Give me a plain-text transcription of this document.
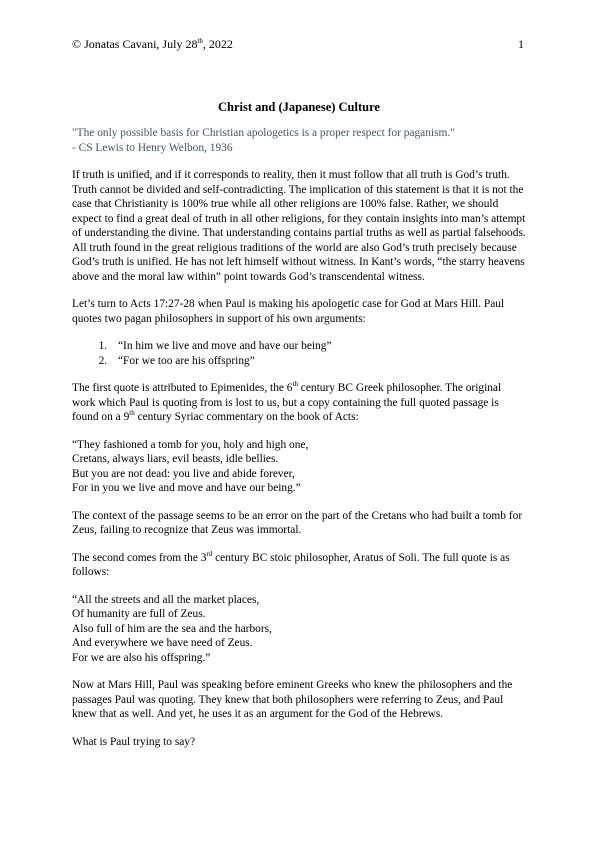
© Jonatas Cavani, July 28th, 2022	1
Christ and (Japanese) Culture
"The only possible basis for Christian apologetics is a proper respect for paganism."
- CS Lewis to Henry Welbon, 1936

If truth is unified, and if it corresponds to reality, then it must follow that all truth is God’s truth. Truth cannot be divided and self-contradicting. The implication of this statement is that it is not the case that Christianity is 100% true while all other religions are 100% false. Rather, we should expect to find a great deal of truth in all other religions, for they contain insights into man’s attempt of understanding the divine. That understanding contains partial truths as well as partial falsehoods. All truth found in the great religious traditions of the world are also God’s truth precisely because God’s truth is unified. He has not left himself without witness. In Kant’s words, “the starry heavens above and the moral law within” point towards God’s transcendental witness.

Let’s turn to Acts 17:27-28 when Paul is making his apologetic case for God at Mars Hill. Paul quotes two pagan philosophers in support of his own arguments:

1. “In him we live and move and have our being”
2. “For we too are his offspring”

The first quote is attributed to Epimenides, the 6th century BC Greek philosopher. The original work which Paul is quoting from is lost to us, but a copy containing the full quoted passage is found on a 9th century Syriac commentary on the book of Acts:

“They fashioned a tomb for you, holy and high one,
Cretans, always liars, evil beasts, idle bellies.
But you are not dead: you live and abide forever,
For in you we live and move and have our being.”

The context of the passage seems to be an error on the part of the Cretans who had built a tomb for Zeus, failing to recognize that Zeus was immortal.

The second comes from the 3rd century BC stoic philosopher, Aratus of Soli. The full quote is as follows:

“All the streets and all the market places,
Of humanity are full of Zeus.
Also full of him are the sea and the harbors,
And everywhere we have need of Zeus.
For we are also his offspring.”

Now at Mars Hill, Paul was speaking before eminent Greeks who knew the philosophers and the passages Paul was quoting. They knew that both philosophers were referring to Zeus, and Paul knew that as well. And yet, he uses it as an argument for the God of the Hebrews.

What is Paul trying to say?
